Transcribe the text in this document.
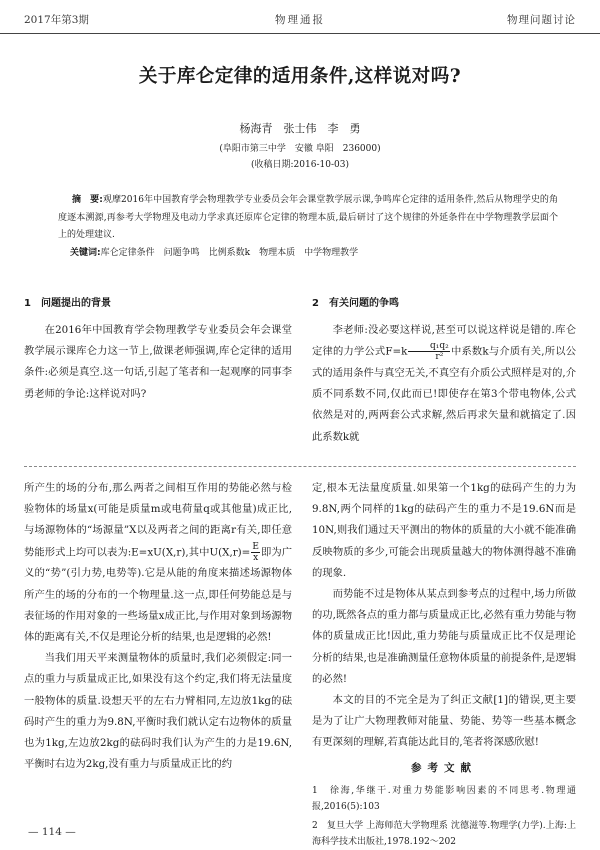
2017年第3期	物理通报	物理问题讨论
关于库仑定律的适用条件,这样说对吗?
杨海青　张士伟　李　勇
(阜阳市第三中学　安徽 阜阳　236000)
(收稿日期:2016-10-03)
摘　要:观摩2016年中国教育学会物理教学专业委员会年会课堂教学展示课,争鸣库仑定律的适用条件,然后从物理学史的角度逐本溯源,再参考大学物理及电动力学求真还原库仑定律的物理本质,最后研讨了这个规律的外延条件在中学物理教学层面个上的处理建议.
关键词:库仑定律条件　问题争鸣　比例系数k　物理本质　中学物理教学
1　问题提出的背景

在2016年中国教育学会物理教学专业委员会年会课堂教学展示课库仑力这一节上,做课老师强调,库仑定律的适用条件:必须是真空.这一句话,引起了笔者和一起观摩的同事李勇老师的争论:这样说对吗?

2　有关问题的争鸣

李老师:没必要这样说,甚至可以说这样说是错的.库仑定律的力学公式$F=k \frac{\text{q₁q₂}}{\text{r²}}$ 中系数k与介质有关,所以公式的适用条件与真空无关,不真空有介质公式照样是对的,介质不同系数不同,仅此而已!即使存在第3个带电物体,公式依然是对的,两两套公式求解,然后再求矢量和就搞定了.因此系数k就

所产生的场的分布,那么两者之间相互作用的势能必然与检验物体的场量x(可能是质量m或电荷量q或其他量)成正比,与场源物体的“场源量”X以及两者之间的距离r有关,即任意势能形式上均可以表为:E=xU(X,r),其中$U(X,r)= \frac{E}{x}$ 即为广义的“势”(引力势,电势等).它是从能的角度来描述场源物体所产生的场的分布的一个物理量.这一点,即任何势能总是与表征场的作用对象的一些场量x成正比,与作用对象到场源物体的距离有关,不仅是理论分析的结果,也是逻辑的必然!

当我们用天平来测量物体的质量时,我们必须假定:同一点的重力与质量成正比,如果没有这个约定,我们将无法量度一般物体的质量.设想天平的左右力臂相同,左边放1kg的砝码时产生的重力为9.8N,平衡时我们就认定右边物体的质量也为1kg,左边放2kg的砝码时我们认为产生的力是19.6N,平衡时右边为2kg,没有重力与质量成正比的约

定,根本无法量度质量.如果第一个1kg的砝码产生的力为9.8N,两个同样的1kg的砝码产生的重力不是19.6N而是10N,则我们通过天平测出的物体的质量的大小就不能准确反映物质的多少,可能会出现质量越大的物体测得越不准确的现象.

而势能不过是物体从某点到参考点的过程中,场力所做的功,既然各点的重力都与质量成正比,必然有重力势能与物体的质量成正比!因此,重力势能与质量成正比不仅是理论分析的结果,也是准确测量任意物体质量的前提条件,是逻辑的必然!

本文的目的不完全是为了纠正文献[1]的错误,更主要是为了让广大物理教师对能量、势能、势等一些基本概念有更深刻的理解,若真能达此目的,笔者将深感欣慰!

参考文献
1　徐海,华继干.对重力势能影响因素的不同思考.物理通报,2016(5):103
2　复旦大学 上海师范大学物理系 沈德滋等.物理学(力学).上海:上海科学技术出版社,1978.192～202
— 114 —
